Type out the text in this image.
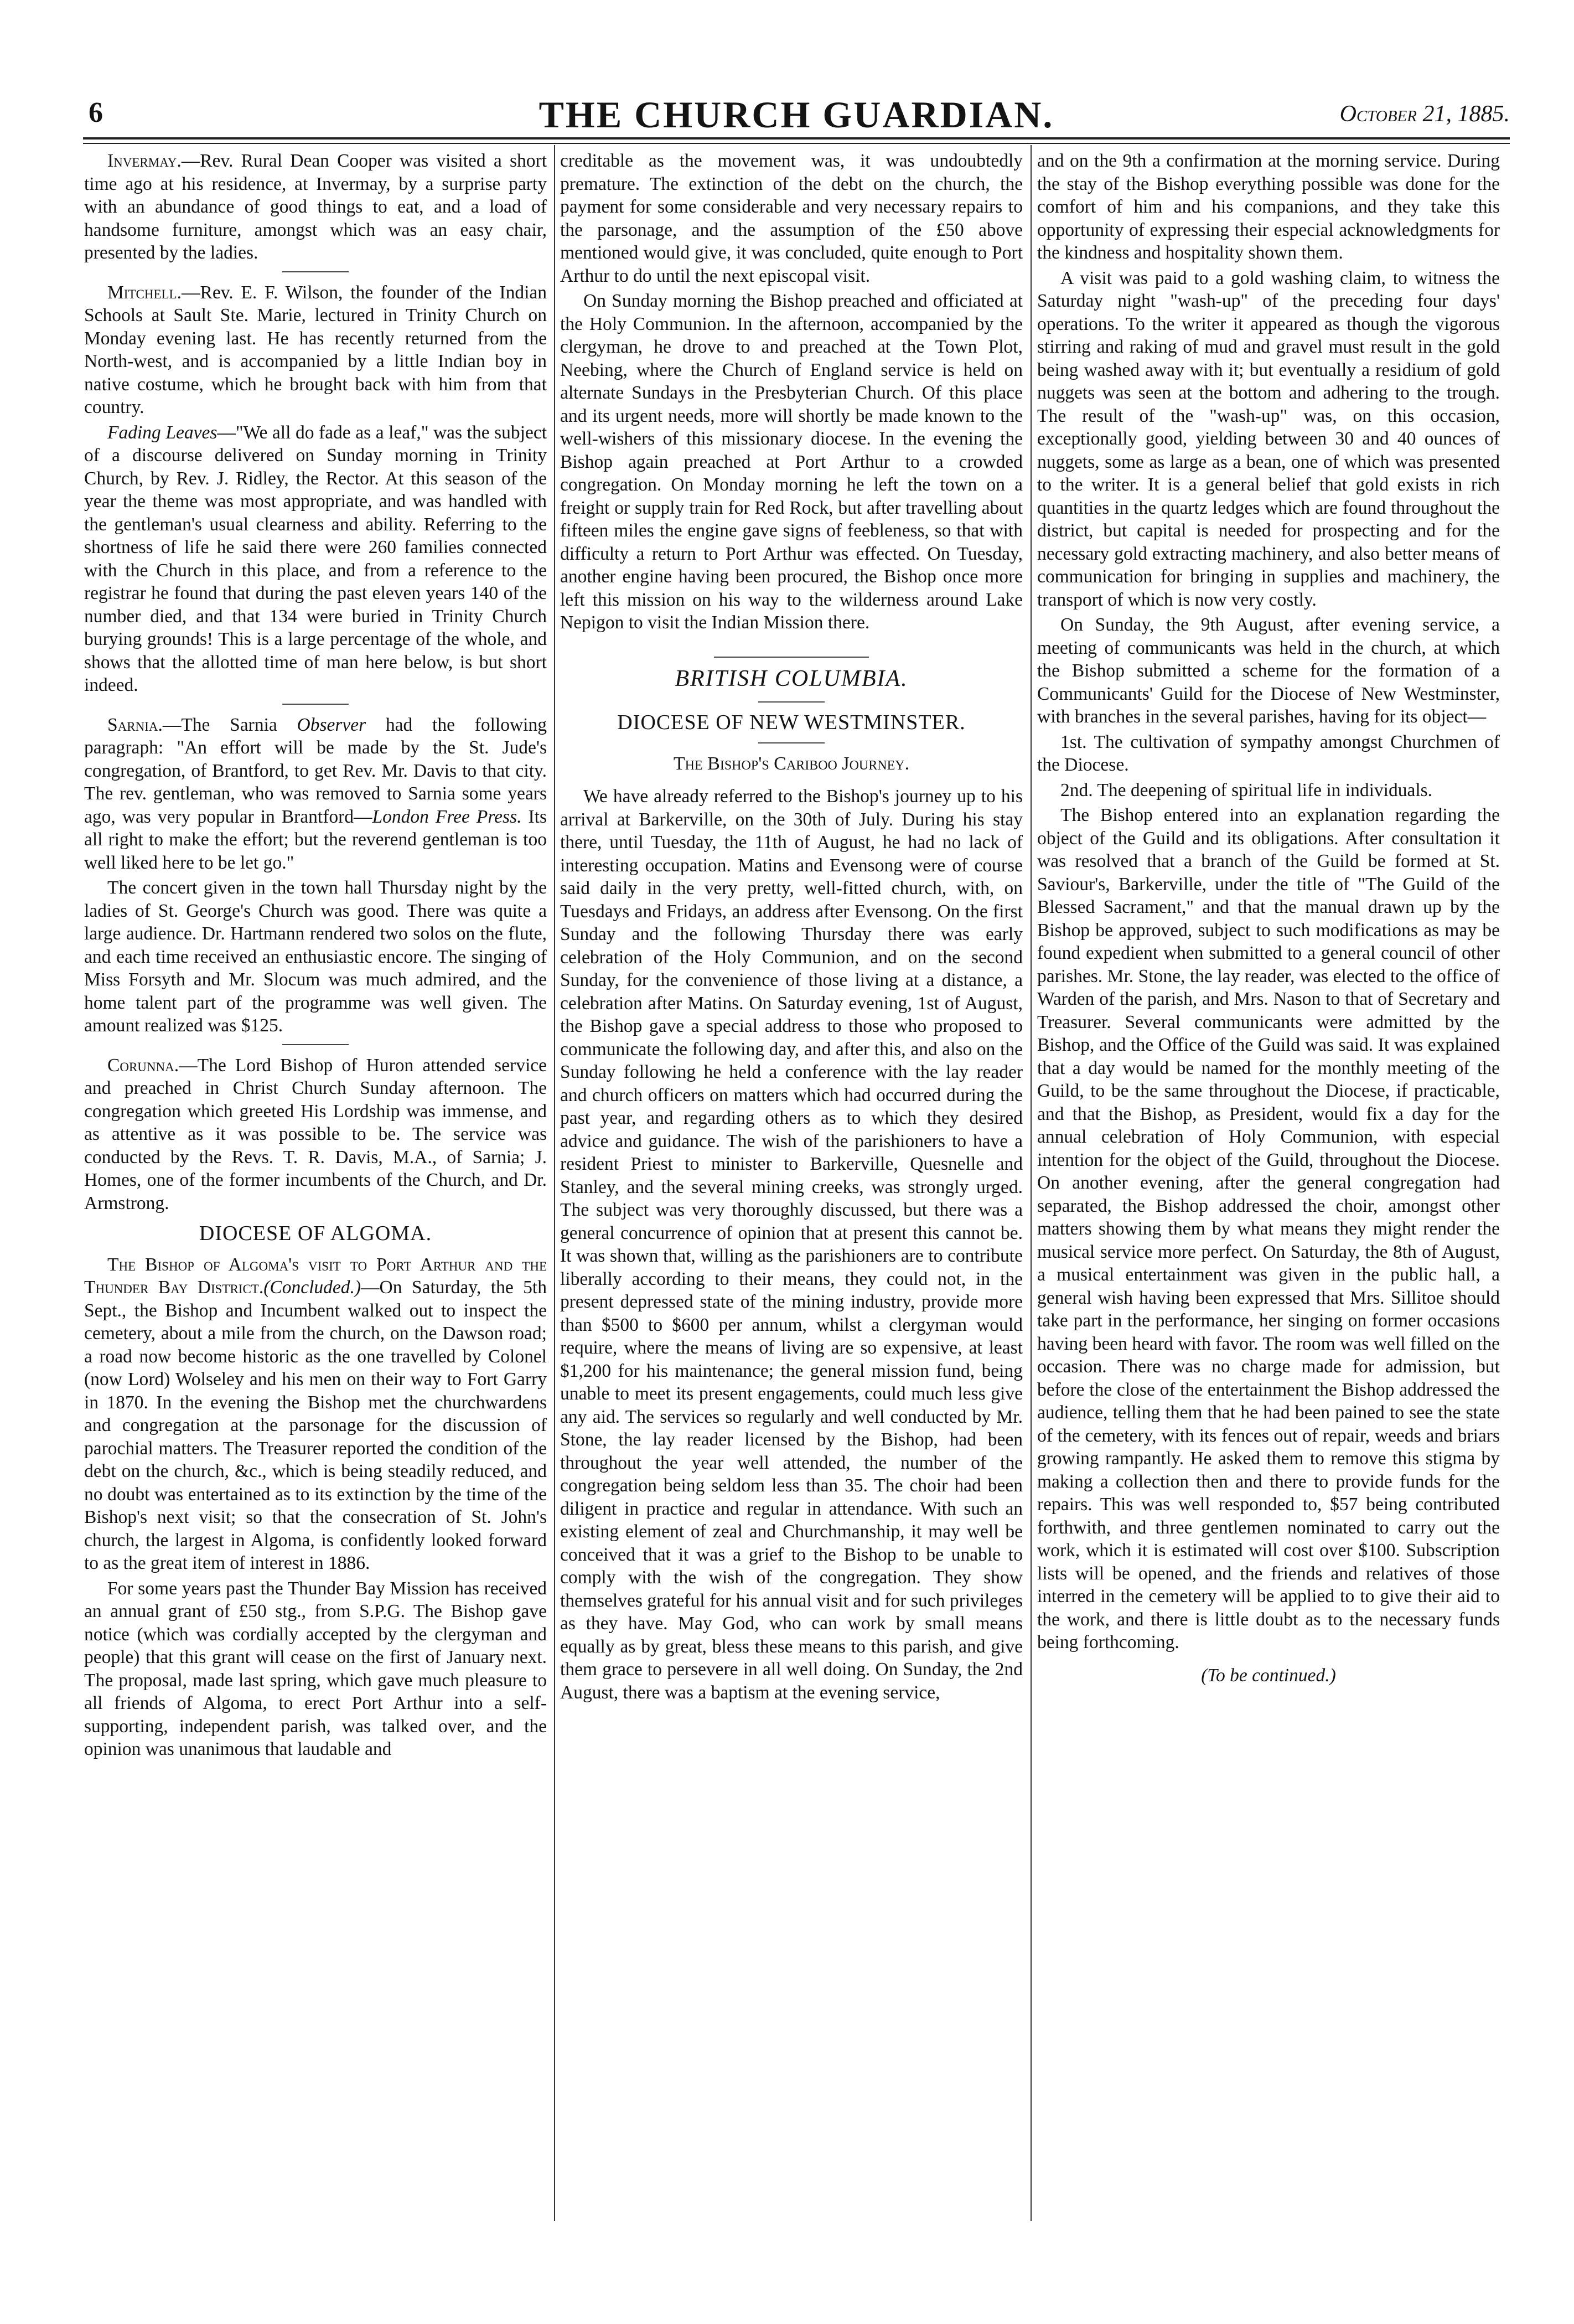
6	THE CHURCH GUARDIAN.	October 21, 1885.

Invermay.—Rev. Rural Dean Cooper was visited a short time ago at his residence, at Invermay, by a surprise party with an abundance of good things to eat, and a load of handsome furniture, amongst which was an easy chair, presented by the ladies.

Mitchell.—Rev. E. F. Wilson, the founder of the Indian Schools at Sault Ste. Marie, lectured in Trinity Church on Monday evening last. He has recently returned from the North-west, and is accompanied by a little Indian boy in native costume, which he brought back with him from that country.

Fading Leaves—"We all do fade as a leaf," was the subject of a discourse delivered on Sunday morning in Trinity Church, by Rev. J. Ridley, the Rector. At this season of the year the theme was most appropriate, and was handled with the gentleman's usual clearness and ability. Referring to the shortness of life he said there were 260 families connected with the Church in this place, and from a reference to the registrar he found that during the past eleven years 140 of the number died, and that 134 were buried in Trinity Church burying grounds! This is a large percentage of the whole, and shows that the allotted time of man here below, is but short indeed.

Sarnia.—The Sarnia Observer had the following paragraph: "An effort will be made by the St. Jude's congregation, of Brantford, to get Rev. Mr. Davis to that city. The rev. gentleman, who was removed to Sarnia some years ago, was very popular in Brantford—London Free Press. Its all right to make the effort; but the reverend gentleman is too well liked here to be let go."

The concert given in the town hall Thursday night by the ladies of St. George's Church was good. There was quite a large audience. Dr. Hartmann rendered two solos on the flute, and each time received an enthusiastic encore. The singing of Miss Forsyth and Mr. Slocum was much admired, and the home talent part of the programme was well given. The amount realized was $125.

Corunna.—The Lord Bishop of Huron attended service and preached in Christ Church Sunday afternoon. The congregation which greeted His Lordship was immense, and as attentive as it was possible to be. The service was conducted by the Revs. T. R. Davis, M.A., of Sarnia; J. Homes, one of the former incumbents of the Church, and Dr. Armstrong.

DIOCESE OF ALGOMA.

The Bishop of Algoma's visit to Port Arthur and the Thunder Bay District.(Concluded.)—On Saturday, the 5th Sept., the Bishop and Incumbent walked out to inspect the cemetery, about a mile from the church, on the Dawson road; a road now become historic as the one travelled by Colonel (now Lord) Wolseley and his men on their way to Fort Garry in 1870. In the evening the Bishop met the churchwardens and congregation at the parsonage for the discussion of parochial matters. The Treasurer reported the condition of the debt on the church, &c., which is being steadily reduced, and no doubt was entertained as to its extinction by the time of the Bishop's next visit; so that the consecration of St. John's church, the largest in Algoma, is confidently looked forward to as the great item of interest in 1886.

For some years past the Thunder Bay Mission has received an annual grant of £50 stg., from S.P.G. The Bishop gave notice (which was cordially accepted by the clergyman and people) that this grant will cease on the first of January next. The proposal, made last spring, which gave much pleasure to all friends of Algoma, to erect Port Arthur into a self-supporting, independent parish, was talked over, and the opinion was unanimous that laudable and

creditable as the movement was, it was undoubtedly premature. The extinction of the debt on the church, the payment for some considerable and very necessary repairs to the parsonage, and the assumption of the £50 above mentioned would give, it was concluded, quite enough to Port Arthur to do until the next episcopal visit.

On Sunday morning the Bishop preached and officiated at the Holy Communion. In the afternoon, accompanied by the clergyman, he drove to and preached at the Town Plot, Neebing, where the Church of England service is held on alternate Sundays in the Presbyterian Church. Of this place and its urgent needs, more will shortly be made known to the well-wishers of this missionary diocese. In the evening the Bishop again preached at Port Arthur to a crowded congregation. On Monday morning he left the town on a freight or supply train for Red Rock, but after travelling about fifteen miles the engine gave signs of feebleness, so that with difficulty a return to Port Arthur was effected. On Tuesday, another engine having been procured, the Bishop once more left this mission on his way to the wilderness around Lake Nepigon to visit the Indian Mission there.

BRITISH COLUMBIA.
DIOCESE OF NEW WESTMINSTER.
The Bishop's Cariboo Journey.

We have already referred to the Bishop's journey up to his arrival at Barkerville, on the 30th of July. During his stay there, until Tuesday, the 11th of August, he had no lack of interesting occupation. Matins and Evensong were of course said daily in the very pretty, well-fitted church, with, on Tuesdays and Fridays, an address after Evensong. On the first Sunday and the following Thursday there was early celebration of the Holy Communion, and on the second Sunday, for the convenience of those living at a distance, a celebration after Matins. On Saturday evening, 1st of August, the Bishop gave a special address to those who proposed to communicate the following day, and after this, and also on the Sunday following he held a conference with the lay reader and church officers on matters which had occurred during the past year, and regarding others as to which they desired advice and guidance. The wish of the parishioners to have a resident Priest to minister to Barkerville, Quesnelle and Stanley, and the several mining creeks, was strongly urged. The subject was very thoroughly discussed, but there was a general concurrence of opinion that at present this cannot be. It was shown that, willing as the parishioners are to contribute liberally according to their means, they could not, in the present depressed state of the mining industry, provide more than $500 to $600 per annum, whilst a clergyman would require, where the means of living are so expensive, at least $1,200 for his maintenance; the general mission fund, being unable to meet its present engagements, could much less give any aid. The services so regularly and well conducted by Mr. Stone, the lay reader licensed by the Bishop, had been throughout the year well attended, the number of the congregation being seldom less than 35. The choir had been diligent in practice and regular in attendance. With such an existing element of zeal and Churchmanship, it may well be conceived that it was a grief to the Bishop to be unable to comply with the wish of the congregation. They show themselves grateful for his annual visit and for such privileges as they have. May God, who can work by small means equally as by great, bless these means to this parish, and give them grace to persevere in all well doing. On Sunday, the 2nd August, there was a baptism at the evening service,

and on the 9th a confirmation at the morning service. During the stay of the Bishop everything possible was done for the comfort of him and his companions, and they take this opportunity of expressing their especial acknowledgments for the kindness and hospitality shown them.

A visit was paid to a gold washing claim, to witness the Saturday night "wash-up" of the preceding four days' operations. To the writer it appeared as though the vigorous stirring and raking of mud and gravel must result in the gold being washed away with it; but eventually a residium of gold nuggets was seen at the bottom and adhering to the trough. The result of the "wash-up" was, on this occasion, exceptionally good, yielding between 30 and 40 ounces of nuggets, some as large as a bean, one of which was presented to the writer. It is a general belief that gold exists in rich quantities in the quartz ledges which are found throughout the district, but capital is needed for prospecting and for the necessary gold extracting machinery, and also better means of communication for bringing in supplies and machinery, the transport of which is now very costly.

On Sunday, the 9th August, after evening service, a meeting of communicants was held in the church, at which the Bishop submitted a scheme for the formation of a Communicants' Guild for the Diocese of New Westminster, with branches in the several parishes, having for its object—

1st. The cultivation of sympathy amongst Churchmen of the Diocese.

2nd. The deepening of spiritual life in individuals.

The Bishop entered into an explanation regarding the object of the Guild and its obligations. After consultation it was resolved that a branch of the Guild be formed at St. Saviour's, Barkerville, under the title of "The Guild of the Blessed Sacrament," and that the manual drawn up by the Bishop be approved, subject to such modifications as may be found expedient when submitted to a general council of other parishes. Mr. Stone, the lay reader, was elected to the office of Warden of the parish, and Mrs. Nason to that of Secretary and Treasurer. Several communicants were admitted by the Bishop, and the Office of the Guild was said. It was explained that a day would be named for the monthly meeting of the Guild, to be the same throughout the Diocese, if practicable, and that the Bishop, as President, would fix a day for the annual celebration of Holy Communion, with especial intention for the object of the Guild, throughout the Diocese. On another evening, after the general congregation had separated, the Bishop addressed the choir, amongst other matters showing them by what means they might render the musical service more perfect. On Saturday, the 8th of August, a musical entertainment was given in the public hall, a general wish having been expressed that Mrs. Sillitoe should take part in the performance, her singing on former occasions having been heard with favor. The room was well filled on the occasion. There was no charge made for admission, but before the close of the entertainment the Bishop addressed the audience, telling them that he had been pained to see the state of the cemetery, with its fences out of repair, weeds and briars growing rampantly. He asked them to remove this stigma by making a collection then and there to provide funds for the repairs. This was well responded to, $57 being contributed forthwith, and three gentlemen nominated to carry out the work, which it is estimated will cost over $100. Subscription lists will be opened, and the friends and relatives of those interred in the cemetery will be applied to to give their aid to the work, and there is little doubt as to the necessary funds being forthcoming.

(To be continued.)
